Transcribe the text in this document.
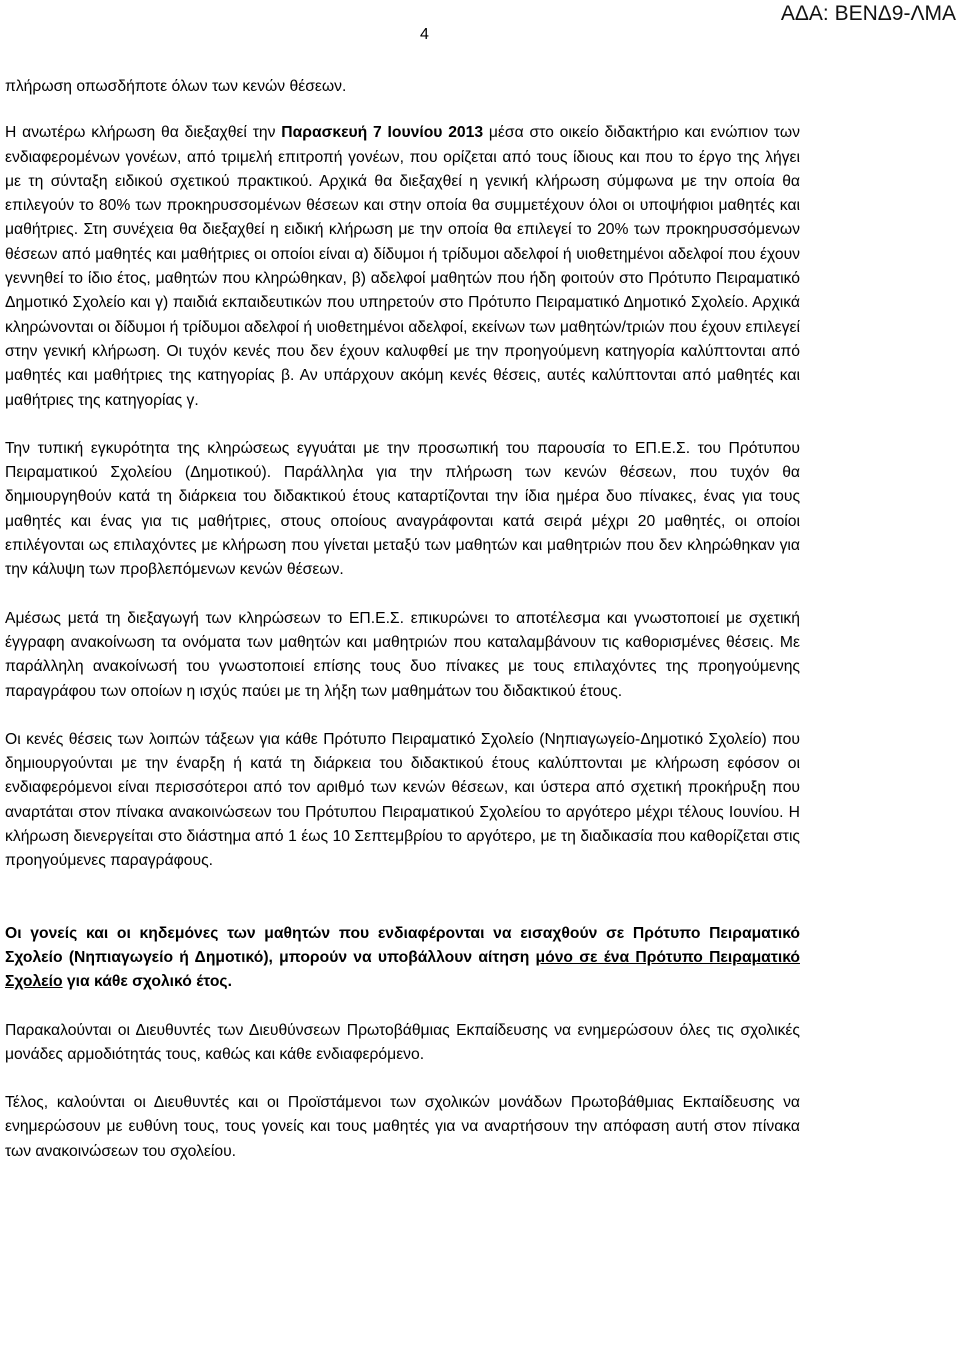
4
ΑΔΑ: ΒΕΝΔ9-ΛΜΑ

πλήρωση οπωσδήποτε όλων των κενών θέσεων.

Η ανωτέρω κλήρωση θα διεξαχθεί την Παρασκευή 7 Ιουνίου 2013 μέσα στο οικείο διδακτήριο και ενώπιον των ενδιαφερομένων γονέων, από τριμελή επιτροπή γονέων, που ορίζεται από τους ίδιους και που το έργο της λήγει με τη σύνταξη ειδικού σχετικού πρακτικού. Αρχικά θα διεξαχθεί η γενική κλήρωση σύμφωνα με την οποία θα επιλεγούν το 80% των προκηρυσσομένων θέσεων και στην οποία θα συμμετέχουν όλοι οι υποψήφιοι μαθητές και μαθήτριες. Στη συνέχεια θα διεξαχθεί η ειδική κλήρωση με την οποία θα επιλεγεί το 20% των προκηρυσσόμενων θέσεων από μαθητές και μαθήτριες οι οποίοι είναι α) δίδυμοι ή τρίδυμοι αδελφοί ή υιοθετημένοι αδελφοί που έχουν γεννηθεί το ίδιο έτος, μαθητών που κληρώθηκαν, β) αδελφοί μαθητών που ήδη φοιτούν στο Πρότυπο Πειραματικό Δημοτικό Σχολείο και γ) παιδιά εκπαιδευτικών που υπηρετούν στο Πρότυπο Πειραματικό Δημοτικό Σχολείο. Αρχικά κληρώνονται οι δίδυμοι ή τρίδυμοι αδελφοί ή υιοθετημένοι αδελφοί, εκείνων των μαθητών/τριών που έχουν επιλεγεί στην γενική κλήρωση. Οι τυχόν κενές που δεν έχουν καλυφθεί με την προηγούμενη κατηγορία καλύπτονται από μαθητές και μαθήτριες της κατηγορίας β. Αν υπάρχουν ακόμη κενές θέσεις, αυτές καλύπτονται από μαθητές και μαθήτριες της κατηγορίας γ.

Την τυπική εγκυρότητα της κληρώσεως εγγυάται με την προσωπική του παρουσία το ΕΠ.Ε.Σ. του Πρότυπου Πειραματικού Σχολείου (Δημοτικού). Παράλληλα για την πλήρωση των κενών θέσεων, που τυχόν θα δημιουργηθούν κατά τη διάρκεια του διδακτικού έτους καταρτίζονται την ίδια ημέρα δυο πίνακες, ένας για τους μαθητές και ένας για τις μαθήτριες, στους οποίους αναγράφονται κατά σειρά μέχρι 20 μαθητές, οι οποίοι επιλέγονται ως επιλαχόντες με κλήρωση που γίνεται μεταξύ των μαθητών και μαθητριών που δεν κληρώθηκαν για την κάλυψη των προβλεπόμενων κενών θέσεων.

Αμέσως μετά τη διεξαγωγή των κληρώσεων το ΕΠ.Ε.Σ. επικυρώνει το αποτέλεσμα και γνωστοποιεί με σχετική έγγραφη ανακοίνωση τα ονόματα των μαθητών και μαθητριών που καταλαμβάνουν τις καθορισμένες θέσεις. Με παράλληλη ανακοίνωσή του γνωστοποιεί επίσης τους δυο πίνακες με τους επιλαχόντες της προηγούμενης παραγράφου των οποίων η ισχύς παύει με τη λήξη των μαθημάτων του διδακτικού έτους.

Οι κενές θέσεις των λοιπών τάξεων για κάθε Πρότυπο Πειραματικό Σχολείο (Νηπιαγωγείο-Δημοτικό Σχολείο) που δημιουργούνται με την έναρξη ή κατά τη διάρκεια του διδακτικού έτους καλύπτονται με κλήρωση εφόσον οι ενδιαφερόμενοι είναι περισσότεροι από τον αριθμό των κενών θέσεων, και ύστερα από σχετική προκήρυξη που αναρτάται στον πίνακα ανακοινώσεων του Πρότυπου Πειραματικού Σχολείου το αργότερο μέχρι τέλους Ιουνίου. Η κλήρωση διενεργείται στο διάστημα από 1 έως 10 Σεπτεμβρίου το αργότερο, με τη διαδικασία που καθορίζεται στις προηγούμενες παραγράφους.

Οι γονείς και οι κηδεμόνες των μαθητών που ενδιαφέρονται να εισαχθούν σε Πρότυπο Πειραματικό Σχολείο (Νηπιαγωγείο ή Δημοτικό), μπορούν να υποβάλλουν αίτηση μόνο σε ένα Πρότυπο Πειραματικό Σχολείο για κάθε σχολικό έτος.

Παρακαλούνται οι Διευθυντές των Διευθύνσεων Πρωτοβάθμιας Εκπαίδευσης να ενημερώσουν όλες τις σχολικές μονάδες αρμοδιότητάς τους, καθώς και κάθε ενδιαφερόμενο.

Τέλος, καλούνται οι Διευθυντές και οι Προϊστάμενοι των σχολικών μονάδων Πρωτοβάθμιας Εκπαίδευσης να ενημερώσουν με ευθύνη τους, τους γονείς και τους μαθητές για να αναρτήσουν την απόφαση αυτή στον πίνακα των ανακοινώσεων του σχολείου.
